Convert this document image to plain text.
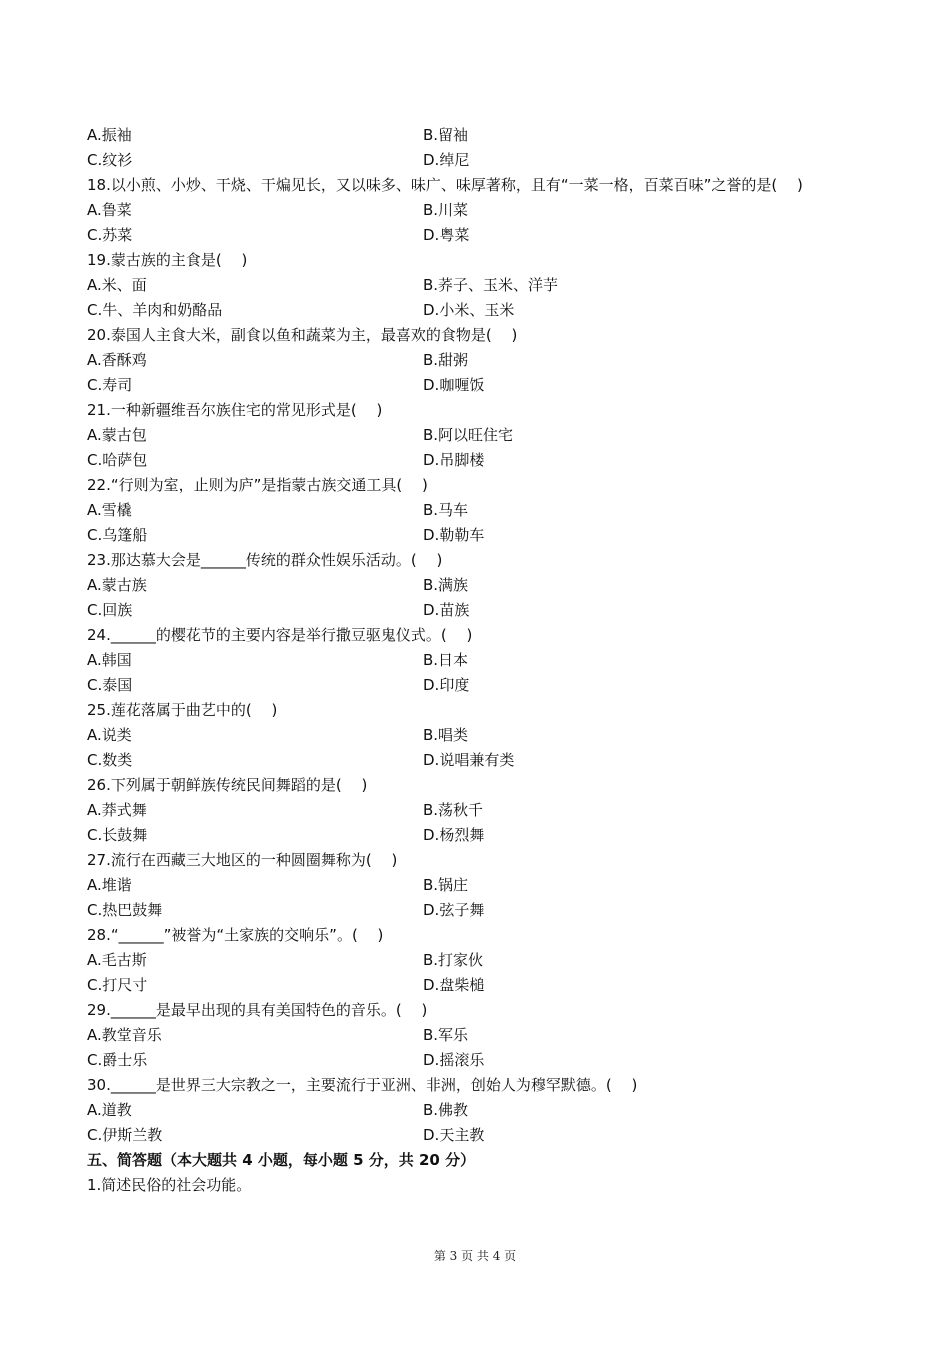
A.振袖	B.留袖
C.纹衫	D.绰尼
18.以小煎、小炒、干烧、干煸见长，又以味多、味广、味厚著称，且有“一菜一格，百菜百味”之誉的是(　 )
A.鲁菜	B.川菜
C.苏菜	D.粤菜
19.蒙古族的主食是(　 )
A.米、面	B.荞子、玉米、洋芋
C.牛、羊肉和奶酪品	D.小米、玉米
20.泰国人主食大米，副食以鱼和蔬菜为主，最喜欢的食物是(　 )
A.香酥鸡	B.甜粥
C.寿司	D.咖喱饭
21.一种新疆维吾尔族住宅的常见形式是(　 )
A.蒙古包	B.阿以旺住宅
C.哈萨包	D.吊脚楼
22.“行则为室，止则为庐”是指蒙古族交通工具(　 )
A.雪橇	B.马车
C.乌篷船	D.勒勒车
23.那达慕大会是______传统的群众性娱乐活动。(　 )
A.蒙古族	B.满族
C.回族	D.苗族
24.______的樱花节的主要内容是举行撒豆驱鬼仪式。(　 )
A.韩国	B.日本
C.泰国	D.印度
25.莲花落属于曲艺中的(　 )
A.说类	B.唱类
C.数类	D.说唱兼有类
26.下列属于朝鲜族传统民间舞蹈的是(　 )
A.莽式舞	B.荡秋千
C.长鼓舞	D.杨烈舞
27.流行在西藏三大地区的一种圆圈舞称为(　 )
A.堆谐	B.锅庄
C.热巴鼓舞	D.弦子舞
28.“______”被誉为“土家族的交响乐”。(　 )
A.毛古斯	B.打家伙
C.打尺寸	D.盘柴槌
29.______是最早出现的具有美国特色的音乐。(　 )
A.教堂音乐	B.军乐
C.爵士乐	D.摇滚乐
30.______是世界三大宗教之一，主要流行于亚洲、非洲，创始人为穆罕默德。(　 )
A.道教	B.佛教
C.伊斯兰教	D.天主教
五、简答题（本大题共 4 小题，每小题 5 分，共 20 分）
1.简述民俗的社会功能。
第 3 页 共 4 页
